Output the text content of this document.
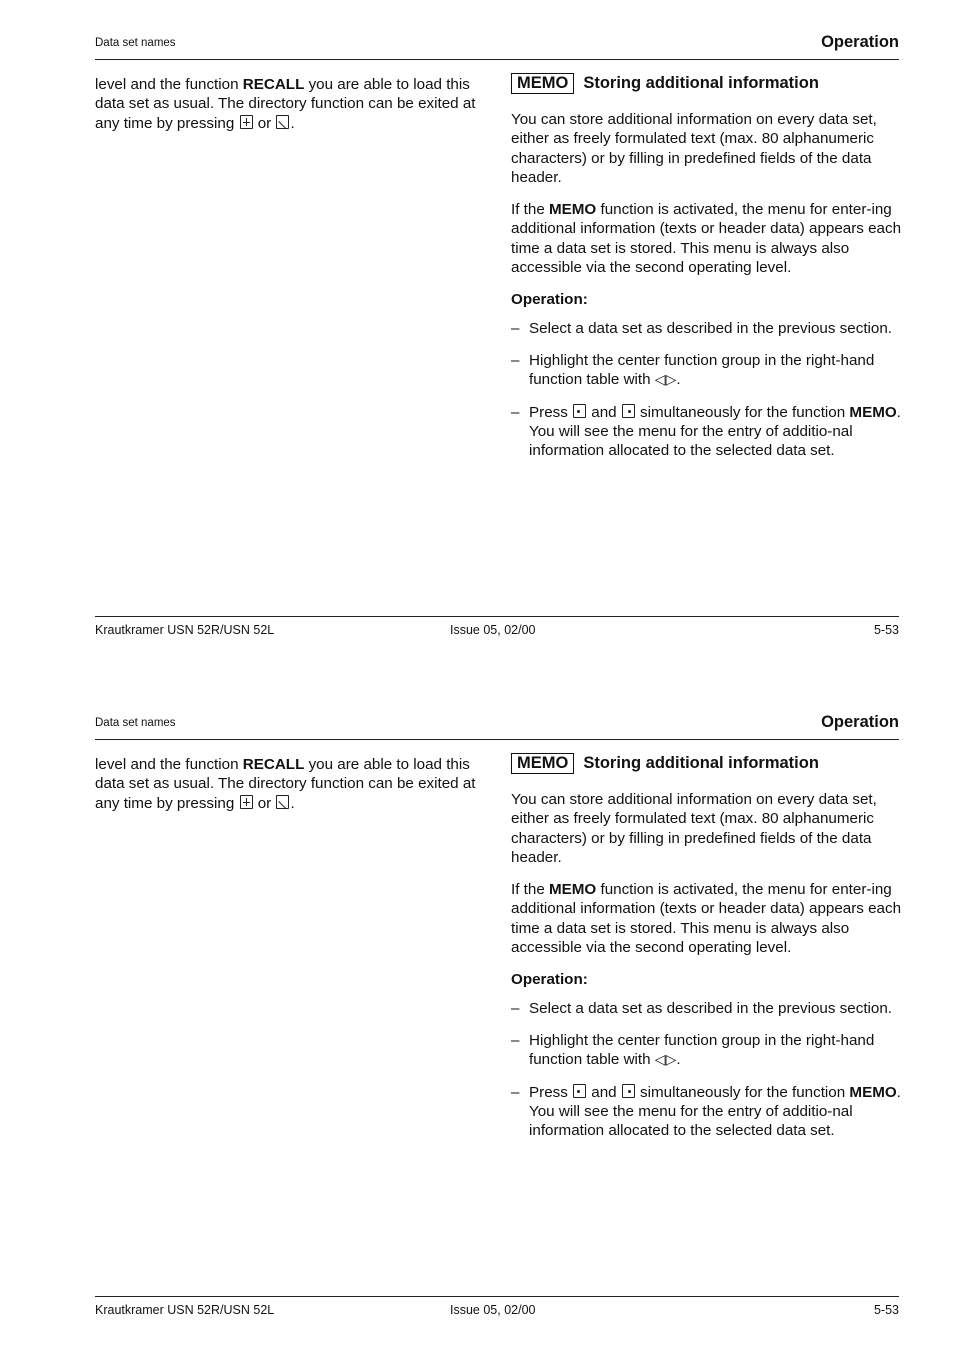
Data set names	Operation
level and the function RECALL you are able to load this data set as usual. The directory function can be exited at any time by pressing  or .
MEMO Storing additional information

You can store additional information on every data set, either as freely formulated text (max. 80 alphanumeric characters) or by filling in predefined fields of the data header.

If the MEMO function is activated, the menu for enter-ing additional information (texts or header data) appears each time a data set is stored. This menu is always also accessible via the second operating level.

Operation:
– Select a data set as described in the previous section.
– Highlight the center function group in the right-hand function table with ◁▷.
– Press  and  simultaneously for the function MEMO. You will see the menu for the entry of additio-nal information allocated to the selected data set.
Krautkramer USN 52R/USN 52L	Issue 05, 02/00	5-53
Data set names	Operation
level and the function RECALL you are able to load this data set as usual. The directory function can be exited at any time by pressing  or .
MEMO Storing additional information

You can store additional information on every data set, either as freely formulated text (max. 80 alphanumeric characters) or by filling in predefined fields of the data header.

If the MEMO function is activated, the menu for enter-ing additional information (texts or header data) appears each time a data set is stored. This menu is always also accessible via the second operating level.

Operation:
– Select a data set as described in the previous section.
– Highlight the center function group in the right-hand function table with ◁▷.
– Press  and  simultaneously for the function MEMO. You will see the menu for the entry of additio-nal information allocated to the selected data set.
Krautkramer USN 52R/USN 52L	Issue 05, 02/00	5-53
